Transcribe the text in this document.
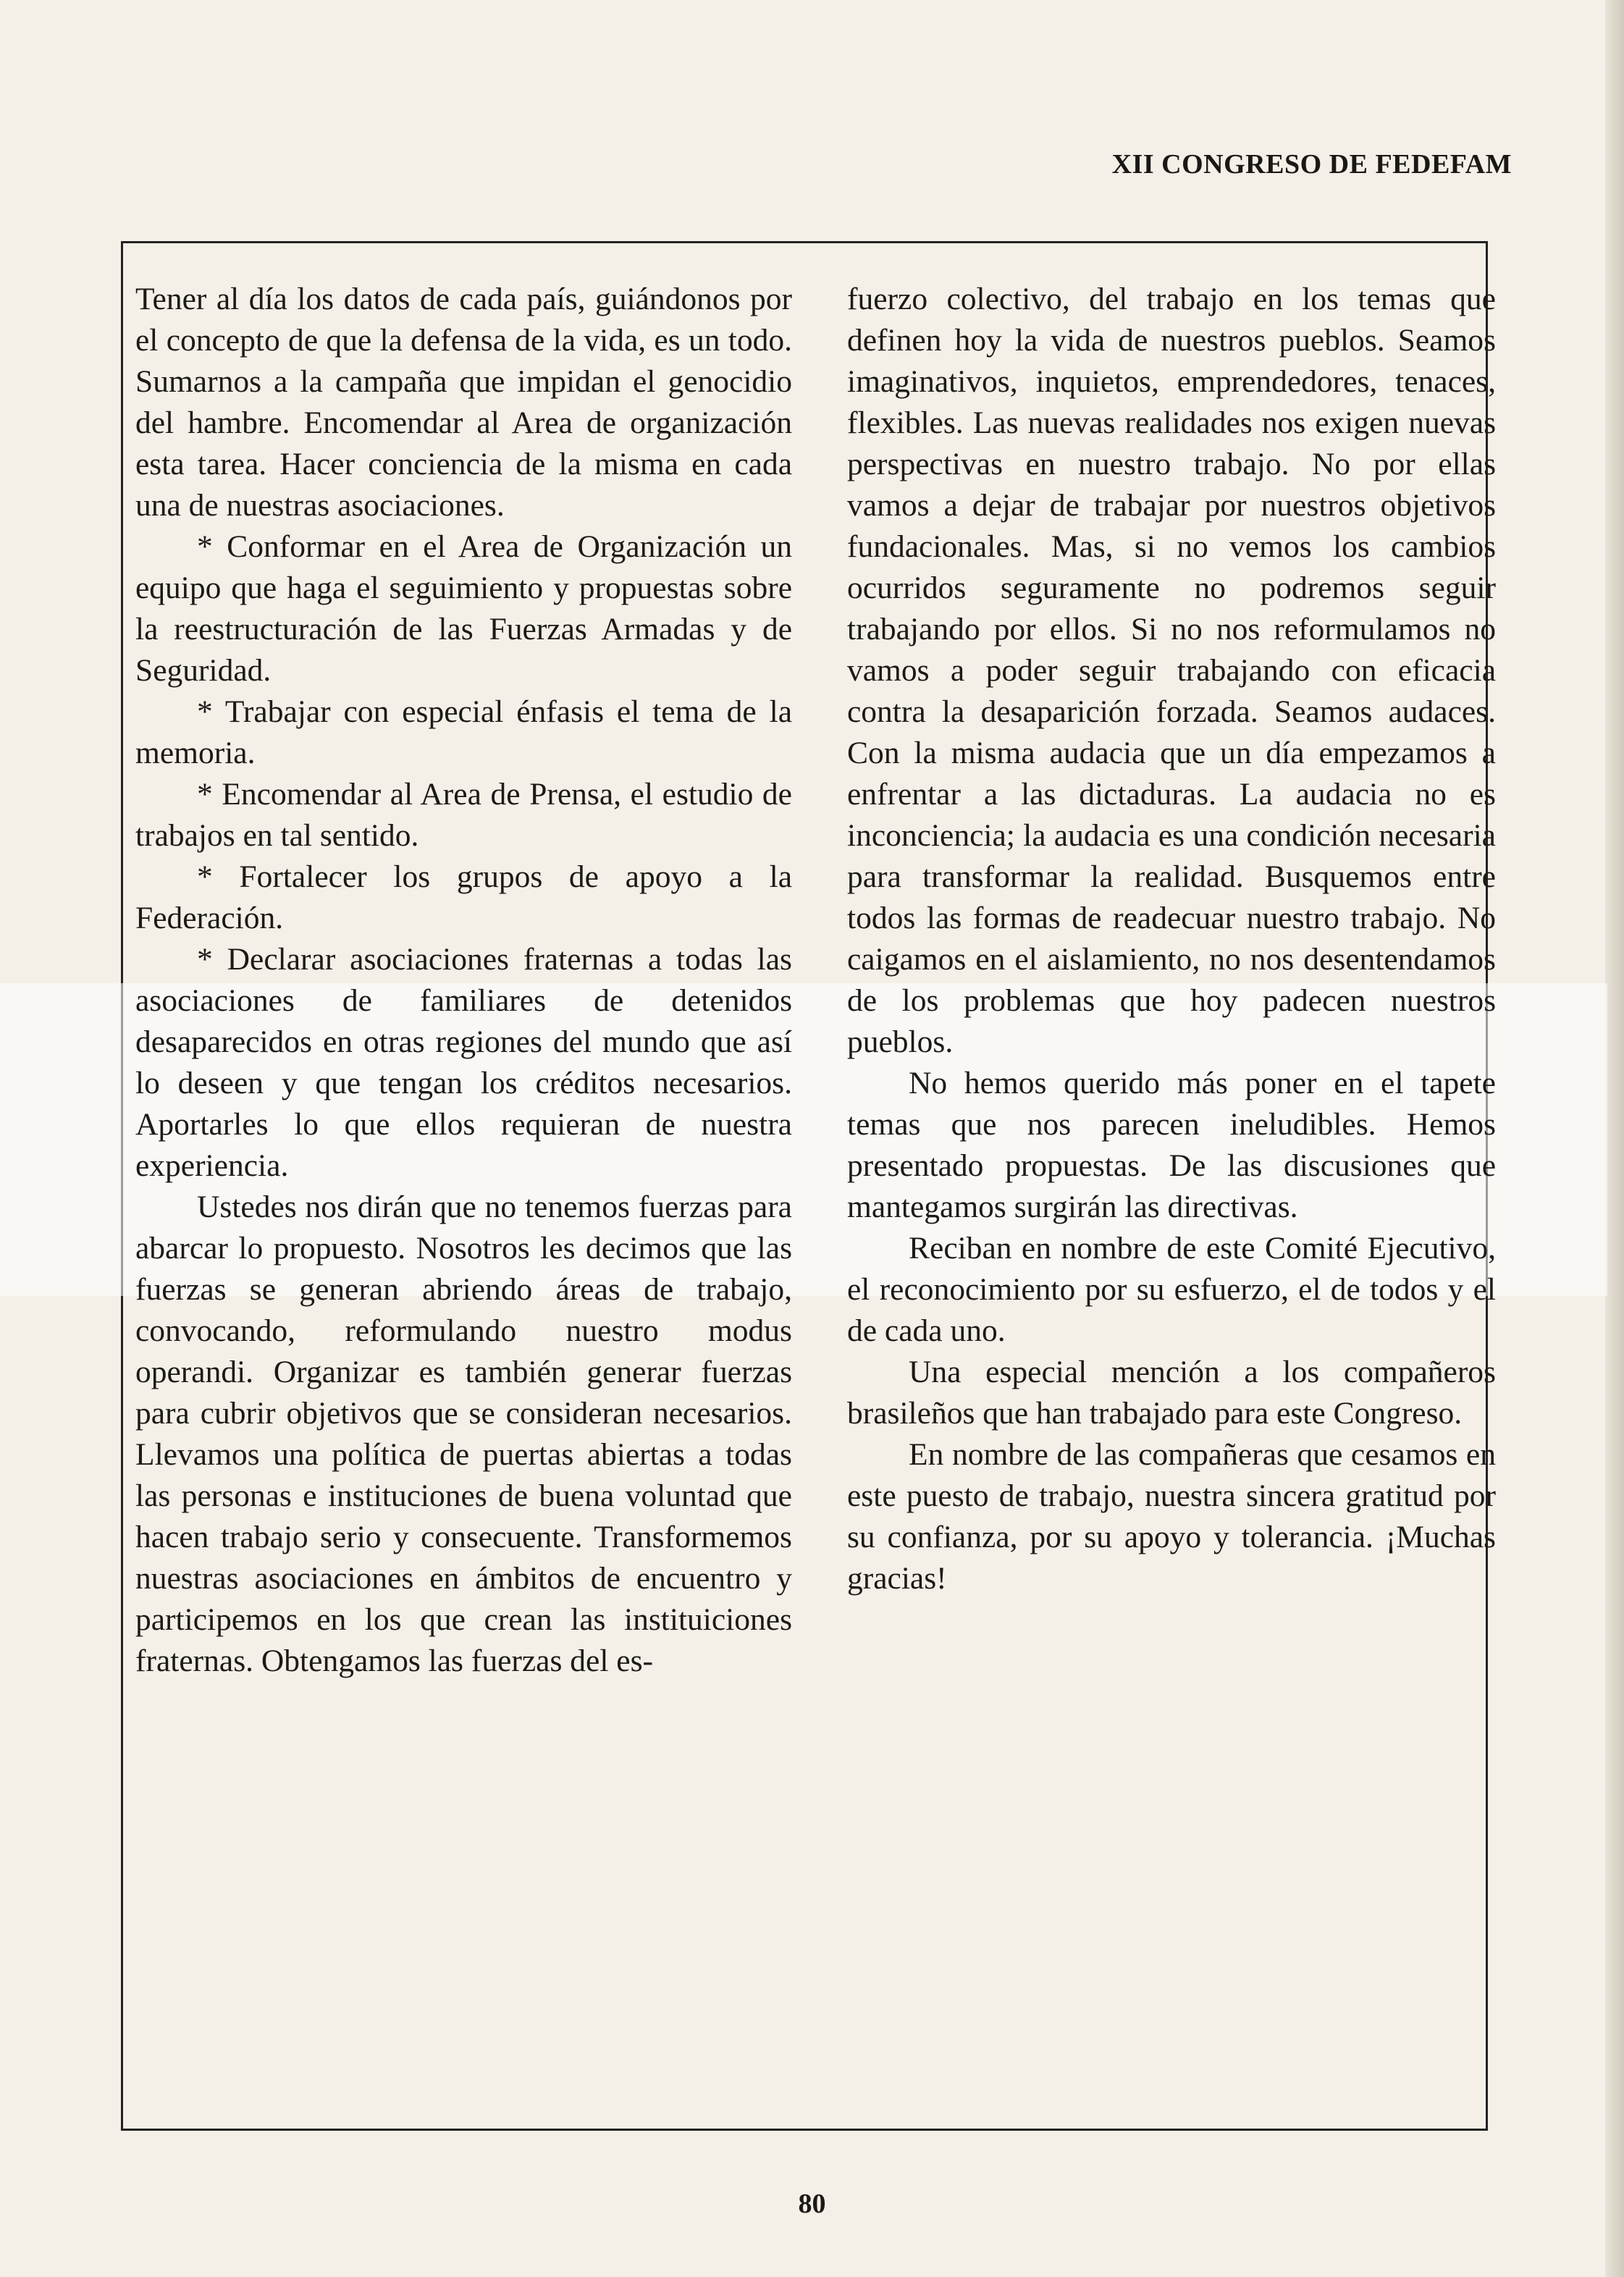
XII CONGRESO DE FEDEFAM

Tener al día los datos de cada país, guiándonos por el concepto de que la defensa de la vida, es un todo. Sumarnos a la campaña que impidan el genocidio del hambre. Encomendar al Area de organización esta tarea. Hacer conciencia de la misma en cada una de nuestras asociaciones.

* Conformar en el Area de Organización un equipo que haga el seguimiento y propuestas sobre la reestructuración de las Fuerzas Armadas y de Seguridad.

* Trabajar con especial énfasis el tema de la memoria.

* Encomendar al Area de Prensa, el estudio de trabajos en tal sentido.

* Fortalecer los grupos de apoyo a la Federación.

* Declarar asociaciones fraternas a todas las asociaciones de familiares de detenidos desaparecidos en otras regiones del mundo que así lo deseen y que tengan los créditos necesarios. Aportarles lo que ellos requieran de nuestra experiencia.

Ustedes nos dirán que no tenemos fuerzas para abarcar lo propuesto. Nosotros les decimos que las fuerzas se generan abriendo áreas de trabajo, convocando, reformulando nuestro modus operandi. Organizar es también generar fuerzas para cubrir objetivos que se consideran necesarios. Llevamos una política de puertas abiertas a todas las personas e instituciones de buena voluntad que hacen trabajo serio y consecuente. Transformemos nuestras asociaciones en ámbitos de encuentro y participemos en los que crean las instituiciones fraternas. Obtengamos las fuerzas del es-

fuerzo colectivo, del trabajo en los temas que definen hoy la vida de nuestros pueblos. Seamos imaginativos, inquietos, emprendedores, tenaces, flexibles. Las nuevas realidades nos exigen nuevas perspectivas en nuestro trabajo. No por ellas vamos a dejar de trabajar por nuestros objetivos fundacionales. Mas, si no vemos los cambios ocurridos seguramente no podremos seguir trabajando por ellos. Si no nos reformulamos no vamos a poder seguir trabajando con eficacia contra la desaparición forzada. Seamos audaces. Con la misma audacia que un día empezamos a enfrentar a las dictaduras. La audacia no es inconciencia; la audacia es una condición necesaria para transformar la realidad. Busquemos entre todos las formas de readecuar nuestro trabajo. No caigamos en el aislamiento, no nos desentendamos de los problemas que hoy padecen nuestros pueblos.

No hemos querido más poner en el tapete temas que nos parecen ineludibles. Hemos presentado propuestas. De las discusiones que mantegamos surgirán las directivas.

Reciban en nombre de este Comité Ejecutivo, el reconocimiento por su esfuerzo, el de todos y el de cada uno.

Una especial mención a los compañeros brasileños que han trabajado para este Congreso.

En nombre de las compañeras que cesamos en este puesto de trabajo, nuestra sincera gratitud por su confianza, por su apoyo y tolerancia. ¡Muchas gracias!

80
